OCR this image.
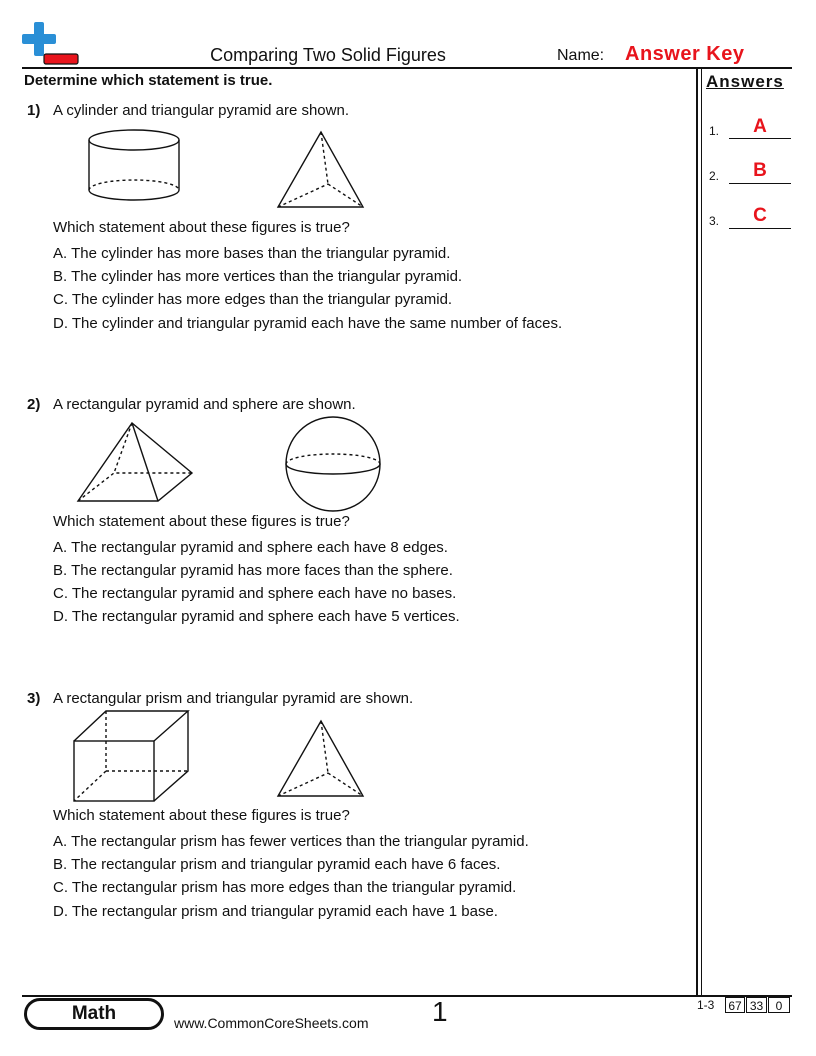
Comparing Two Solid Figures	Name: Answer Key
Determine which statement is true.	Answers
1.	A
2.	B
3.	C
1) A cylinder and triangular pyramid are shown.
Which statement about these figures is true?
A. The cylinder has more bases than the triangular pyramid.
B. The cylinder has more vertices than the triangular pyramid.
C. The cylinder has more edges than the triangular pyramid.
D. The cylinder and triangular pyramid each have the same number of faces.
2) A rectangular pyramid and sphere are shown.
Which statement about these figures is true?
A. The rectangular pyramid and sphere each have 8 edges.
B. The rectangular pyramid has more faces than the sphere.
C. The rectangular pyramid and sphere each have no bases.
D. The rectangular pyramid and sphere each have 5 vertices.
3) A rectangular prism and triangular pyramid are shown.
Which statement about these figures is true?
A. The rectangular prism has fewer vertices than the triangular pyramid.
B. The rectangular prism and triangular pyramid each have 6 faces.
C. The rectangular prism has more edges than the triangular pyramid.
D. The rectangular prism and triangular pyramid each have 1 base.
Math	www.CommonCoreSheets.com 1	1-3 67 33	0
